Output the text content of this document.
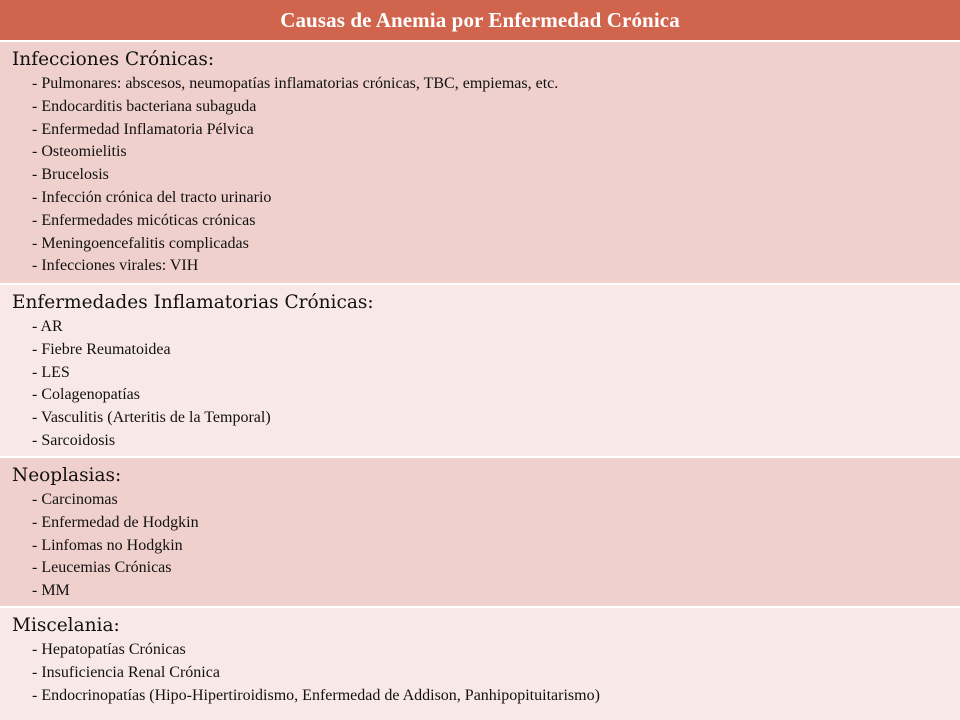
Causas de Anemia por Enfermedad Crónica
Infecciones Crónicas:
- Pulmonares: abscesos, neumopatías inflamatorias crónicas, TBC, empiemas, etc.
- Endocarditis bacteriana subaguda
- Enfermedad Inflamatoria Pélvica
- Osteomielitis
- Brucelosis
- Infección crónica del tracto urinario
- Enfermedades micóticas crónicas
- Meningoencefalitis complicadas
- Infecciones virales: VIH
Enfermedades Inflamatorias Crónicas:
- AR
- Fiebre Reumatoidea
- LES
- Colagenopatías
- Vasculitis (Arteritis de la Temporal)
- Sarcoidosis
Neoplasias:
- Carcinomas
- Enfermedad de Hodgkin
- Linfomas no Hodgkin
- Leucemias Crónicas
- MM
Miscelania:
- Hepatopatías Crónicas
- Insuficiencia Renal Crónica
- Endocrinopatías (Hipo-Hipertiroidismo, Enfermedad de Addison, Panhipopituitarismo)
